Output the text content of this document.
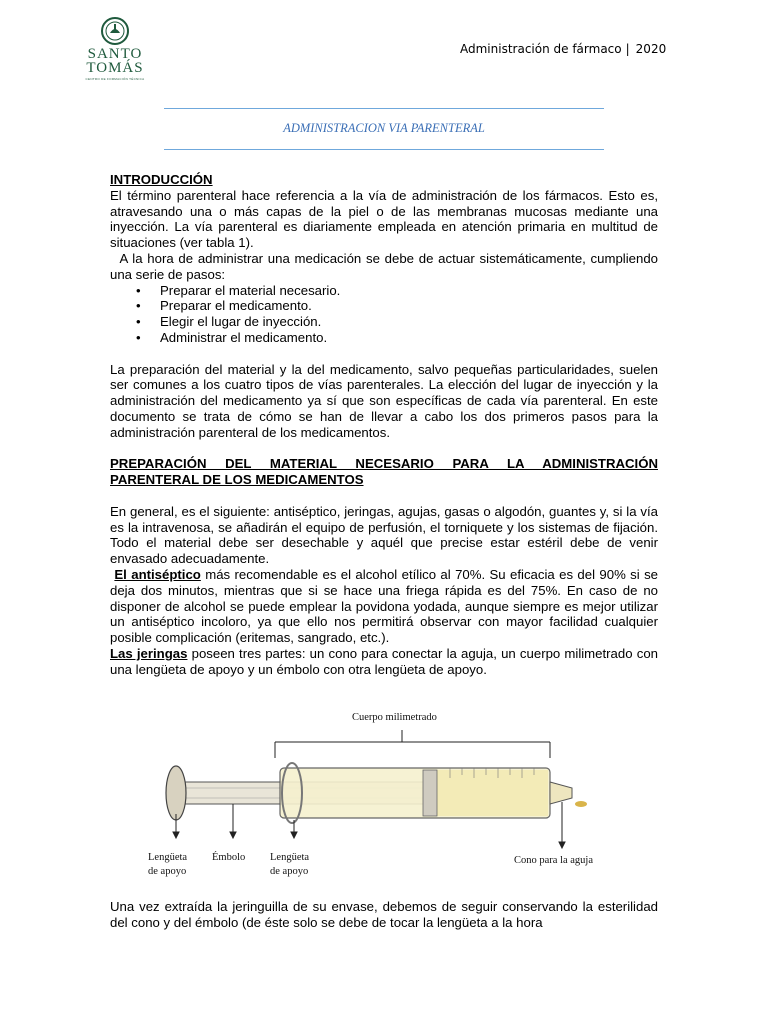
SANTO
TOMÁS
CENTRO DE FORMACIÓN TÉCNICA
Administración de fármaco | 2020
ADMINISTRACION VIA PARENTERAL

INTRODUCCIÓN

El término parenteral hace referencia a la vía de administración de los fármacos. Esto es, atravesando una o más capas de la piel o de las membranas mucosas mediante una inyección. La vía parenteral es diariamente empleada en atención primaria en multitud de situaciones (ver tabla 1).

A la hora de administrar una medicación se debe de actuar sistemáticamente, cumpliendo una serie de pasos:

• Preparar el material necesario.
• Preparar el medicamento.
• Elegir el lugar de inyección.
• Administrar el medicamento.

La preparación del material y la del medicamento, salvo pequeñas particularidades, suelen ser comunes a los cuatro tipos de vías parenterales. La elección del lugar de inyección y la administración del medicamento ya sí que son específicas de cada vía parenteral. En este documento se trata de cómo se han de llevar a cabo los dos primeros pasos para la administración parenteral de los medicamentos.

PREPARACIÓN DEL MATERIAL NECESARIO PARA LA ADMINISTRACIÓN PARENTERAL DE LOS MEDICAMENTOS

En general, es el siguiente: antiséptico, jeringas, agujas, gasas o algodón, guantes y, si la vía es la intravenosa, se añadirán el equipo de perfusión, el torniquete y los sistemas de fijación. Todo el material debe ser desechable y aquél que precise estar estéril debe de venir envasado adecuadamente.

El antiséptico más recomendable es el alcohol etílico al 70%. Su eficacia es del 90% si se deja dos minutos, mientras que si se hace una friega rápida es del 75%. En caso de no disponer de alcohol se puede emplear la povidona yodada, aunque siempre es mejor utilizar un antiséptico incoloro, ya que ello nos permitirá observar con mayor facilidad cualquier posible complicación (eritemas, sangrado, etc.).

Las jeringas poseen tres partes: un cono para conectar la aguja, un cuerpo milimetrado con una lengüeta de apoyo y un émbolo con otra lengüeta de apoyo.

Cuerpo milimetrado
Lengüeta
de apoyo
Émbolo Lengüeta
de apoyo
Cono para la aguja

Una vez extraída la jeringuilla de su envase, debemos de seguir conservando la esterilidad del cono y del émbolo (de éste solo se debe de tocar la lengüeta a la hora
